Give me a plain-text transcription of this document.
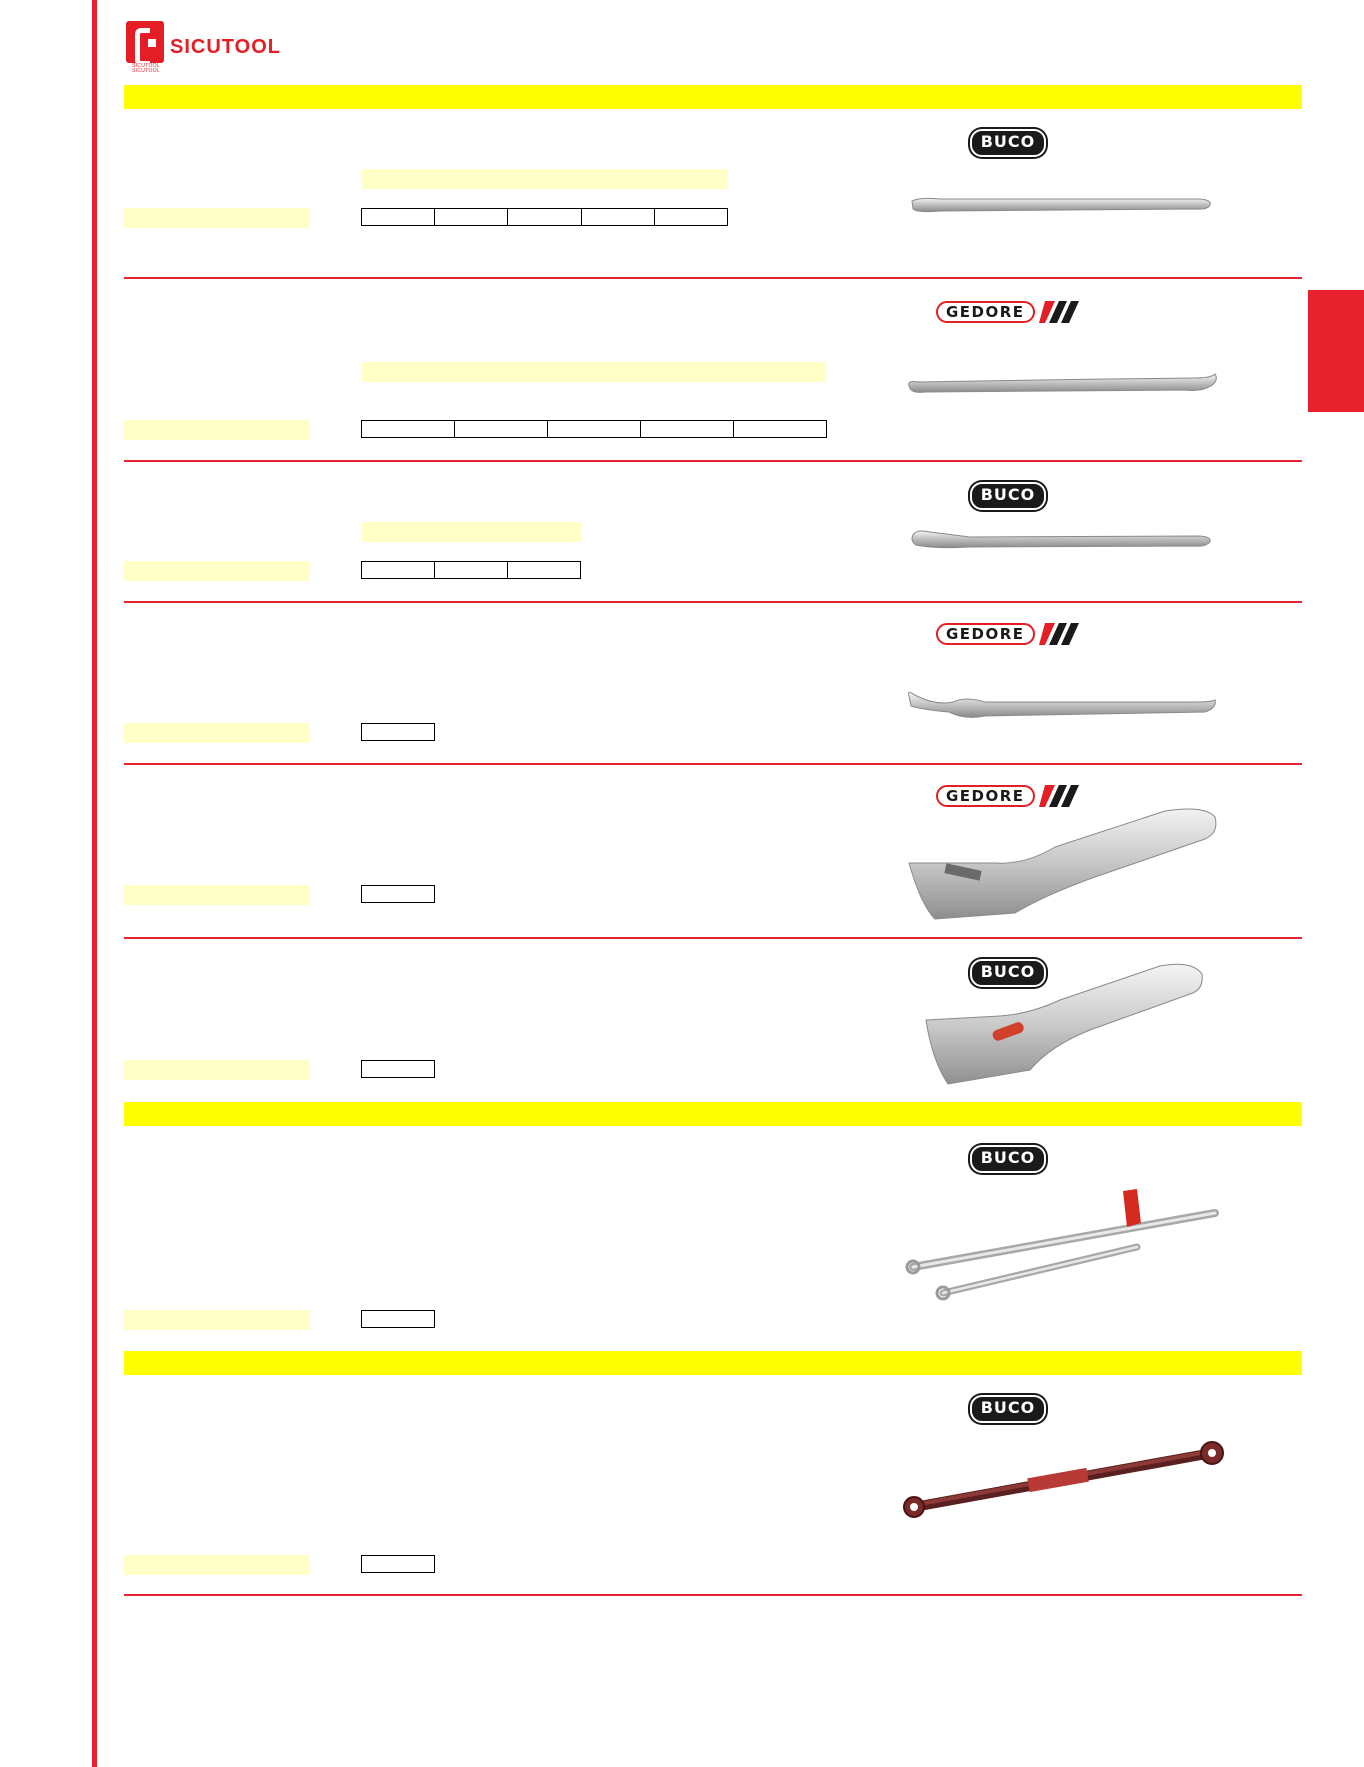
SICUTOOL SICUTOOL
SICUTOOL
BUCO
GEDORE
BUCO
GEDORE
GEDORE
BUCO
BUCO
BUCO
